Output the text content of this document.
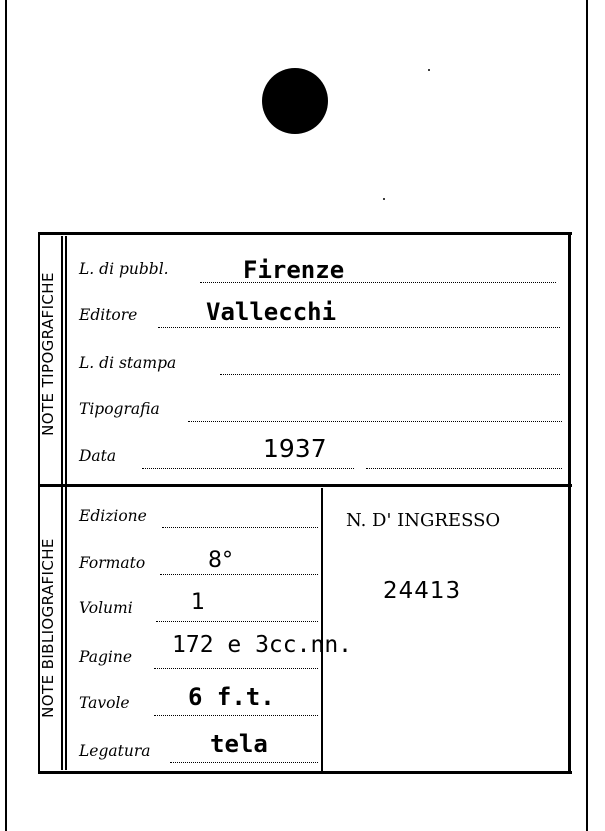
NOTE TIPOGRAFICHE
NOTE BIBLIOGRAFICHE
L. di pubbl.	Firenze
Editore	Vallecchi
L. di stampa
Tipografia
Data	1937
Edizione
Formato	8°
Volumi	1
Pagine 172 e 3cc.nn.
Tavole 6 f.t.
Legatura tela
N. D' INGRESSO
24413
